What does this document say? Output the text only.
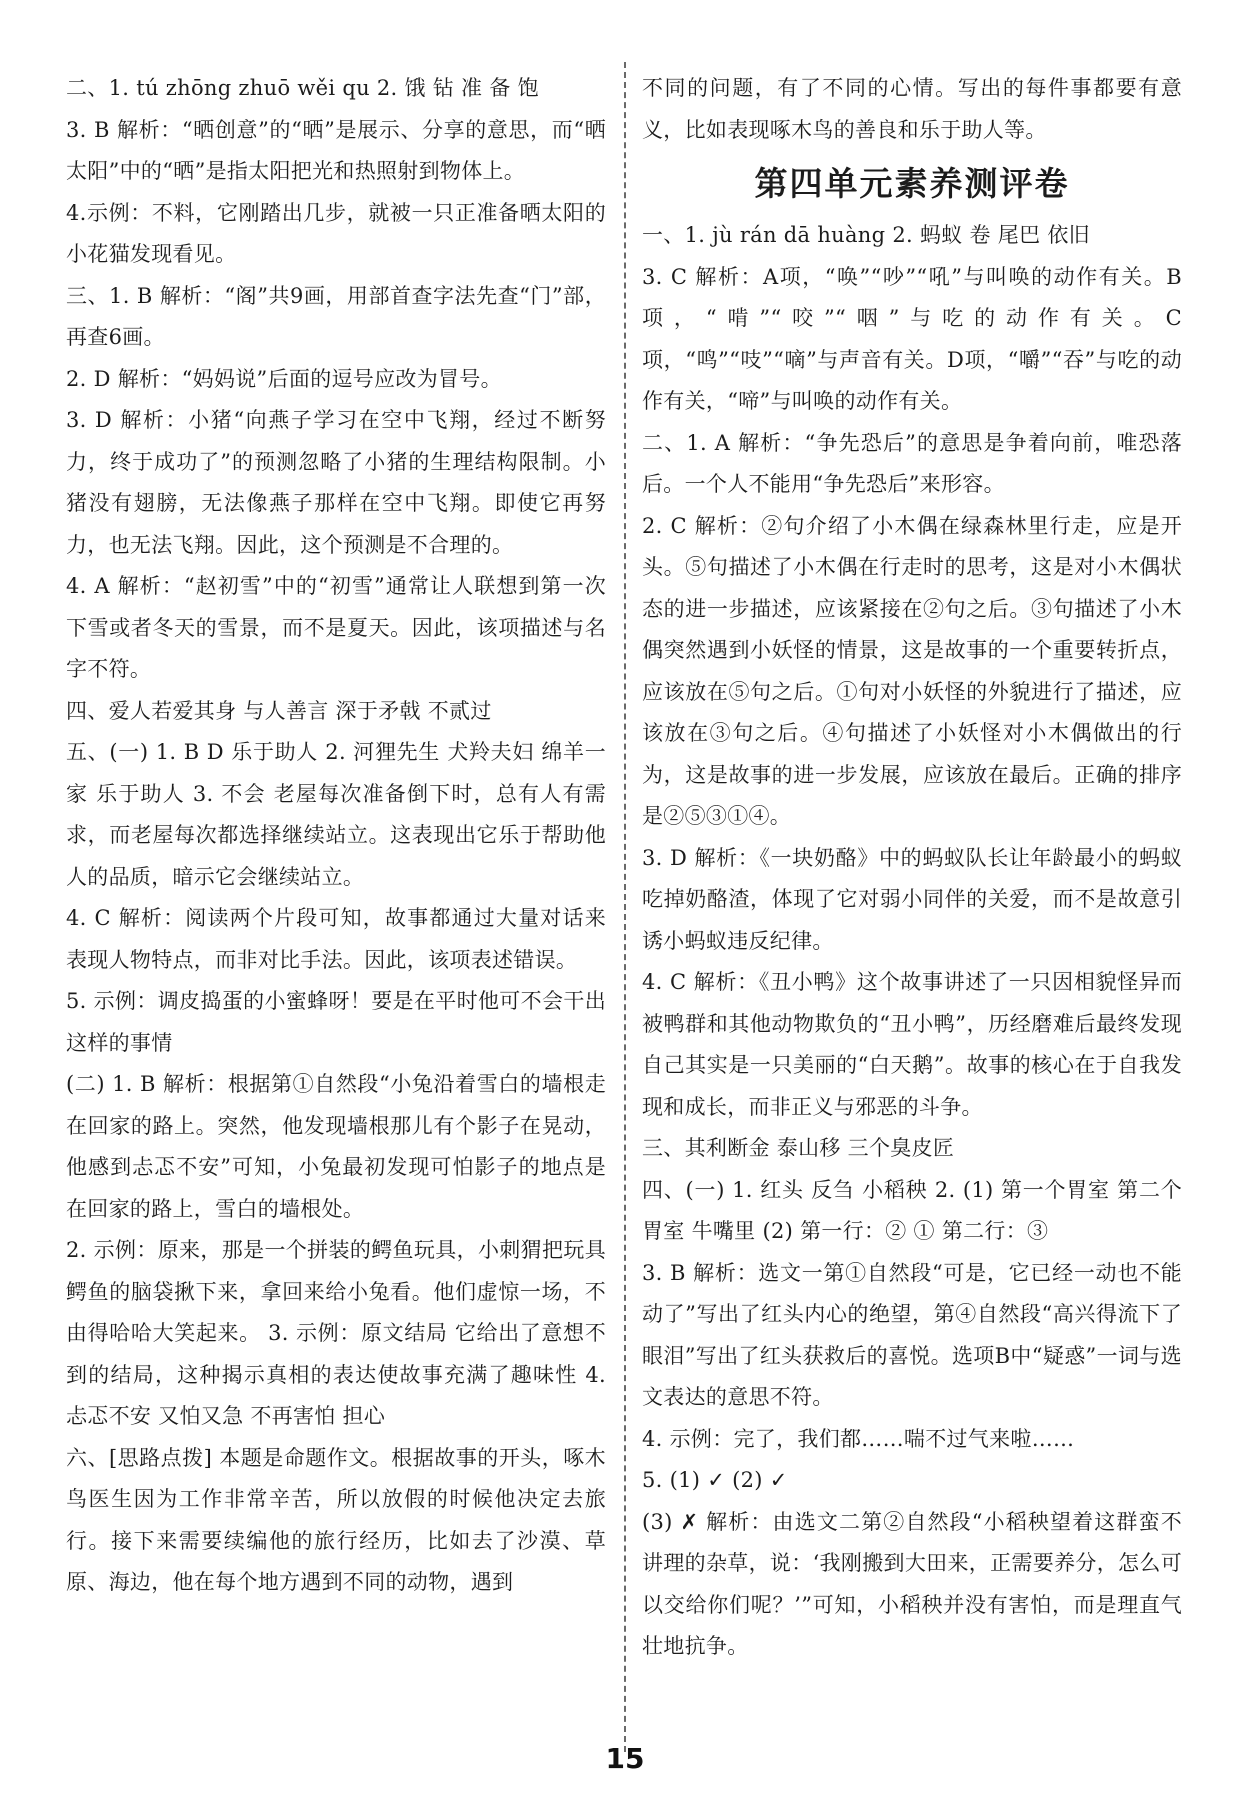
二、1. tú zhōng zhuō wěi qu 2. 饿 钻 准 备 饱

3. B 解析：“晒创意”的“晒”是展示、分享的意思，而“晒太阳”中的“晒”是指太阳把光和热照射到物体上。

4.示例：不料，它刚踏出几步，就被一只正准备晒太阳的小花猫发现看见。

三、1. B 解析：“阁”共9画，用部首查字法先查“门”部，再查6画。

2. D 解析：“妈妈说”后面的逗号应改为冒号。

3. D 解析：小猪“向燕子学习在空中飞翔，经过不断努力，终于成功了”的预测忽略了小猪的生理结构限制。小猪没有翅膀，无法像燕子那样在空中飞翔。即使它再努力，也无法飞翔。因此，这个预测是不合理的。

4. A 解析：“赵初雪”中的“初雪”通常让人联想到第一次下雪或者冬天的雪景，而不是夏天。因此，该项描述与名字不符。

四、爱人若爱其身 与人善言 深于矛戟 不贰过

五、(一) 1. B D 乐于助人 2. 河狸先生 犬羚夫妇 绵羊一家 乐于助人 3. 不会 老屋每次准备倒下时，总有人有需求，而老屋每次都选择继续站立。这表现出它乐于帮助他人的品质，暗示它会继续站立。

4. C 解析：阅读两个片段可知，故事都通过大量对话来表现人物特点，而非对比手法。因此，该项表述错误。

5. 示例：调皮捣蛋的小蜜蜂呀！要是在平时他可不会干出这样的事情

(二) 1. B 解析：根据第①自然段“小兔沿着雪白的墙根走在回家的路上。突然，他发现墙根那儿有个影子在晃动，他感到忐忑不安”可知，小兔最初发现可怕影子的地点是在回家的路上，雪白的墙根处。

2. 示例：原来，那是一个拼装的鳄鱼玩具，小刺猬把玩具鳄鱼的脑袋揪下来，拿回来给小兔看。他们虚惊一场，不由得哈哈大笑起来。 3. 示例：原文结局 它给出了意想不到的结局，这种揭示真相的表达使故事充满了趣味性 4. 忐忑不安 又怕又急 不再害怕 担心

六、[思路点拨] 本题是命题作文。根据故事的开头，啄木鸟医生因为工作非常辛苦，所以放假的时候他决定去旅行。接下来需要续编他的旅行经历，比如去了沙漠、草原、海边，他在每个地方遇到不同的动物，遇到

不同的问题，有了不同的心情。写出的每件事都要有意义，比如表现啄木鸟的善良和乐于助人等。

第四单元素养测评卷

一、1. jù rán dā huàng 2. 蚂蚁 卷 尾巴 依旧

3. C 解析：A项，“唤”“吵”“吼”与叫唤的动作有关。B项，“啃”“咬”“咽”与吃的动作有关。C项，“鸣”“吱”“嘀”与声音有关。D项，“嚼”“吞”与吃的动作有关，“啼”与叫唤的动作有关。

二、1. A 解析：“争先恐后”的意思是争着向前，唯恐落后。一个人不能用“争先恐后”来形容。

2. C 解析：②句介绍了小木偶在绿森林里行走，应是开头。⑤句描述了小木偶在行走时的思考，这是对小木偶状态的进一步描述，应该紧接在②句之后。③句描述了小木偶突然遇到小妖怪的情景，这是故事的一个重要转折点，应该放在⑤句之后。①句对小妖怪的外貌进行了描述，应该放在③句之后。④句描述了小妖怪对小木偶做出的行为，这是故事的进一步发展，应该放在最后。正确的排序是②⑤③①④。

3. D 解析：《一块奶酪》中的蚂蚁队长让年龄最小的蚂蚁吃掉奶酪渣，体现了它对弱小同伴的关爱，而不是故意引诱小蚂蚁违反纪律。

4. C 解析：《丑小鸭》这个故事讲述了一只因相貌怪异而被鸭群和其他动物欺负的“丑小鸭”，历经磨难后最终发现自己其实是一只美丽的“白天鹅”。故事的核心在于自我发现和成长，而非正义与邪恶的斗争。

三、其利断金 泰山移 三个臭皮匠

四、(一) 1. 红头 反刍 小稻秧 2. (1) 第一个胃室 第二个胃室 牛嘴里 (2) 第一行：② ① 第二行：③

3. B 解析：选文一第①自然段“可是，它已经一动也不能动了”写出了红头内心的绝望，第④自然段“高兴得流下了眼泪”写出了红头获救后的喜悦。选项B中“疑惑”一词与选文表达的意思不符。

4. 示例：完了，我们都……喘不过气来啦……

5. (1) ✓ (2) ✓

(3) ✗ 解析：由选文二第②自然段“小稻秧望着这群蛮不讲理的杂草，说：‘我刚搬到大田来，正需要养分，怎么可以交给你们呢？’”可知，小稻秧并没有害怕，而是理直气壮地抗争。

15
